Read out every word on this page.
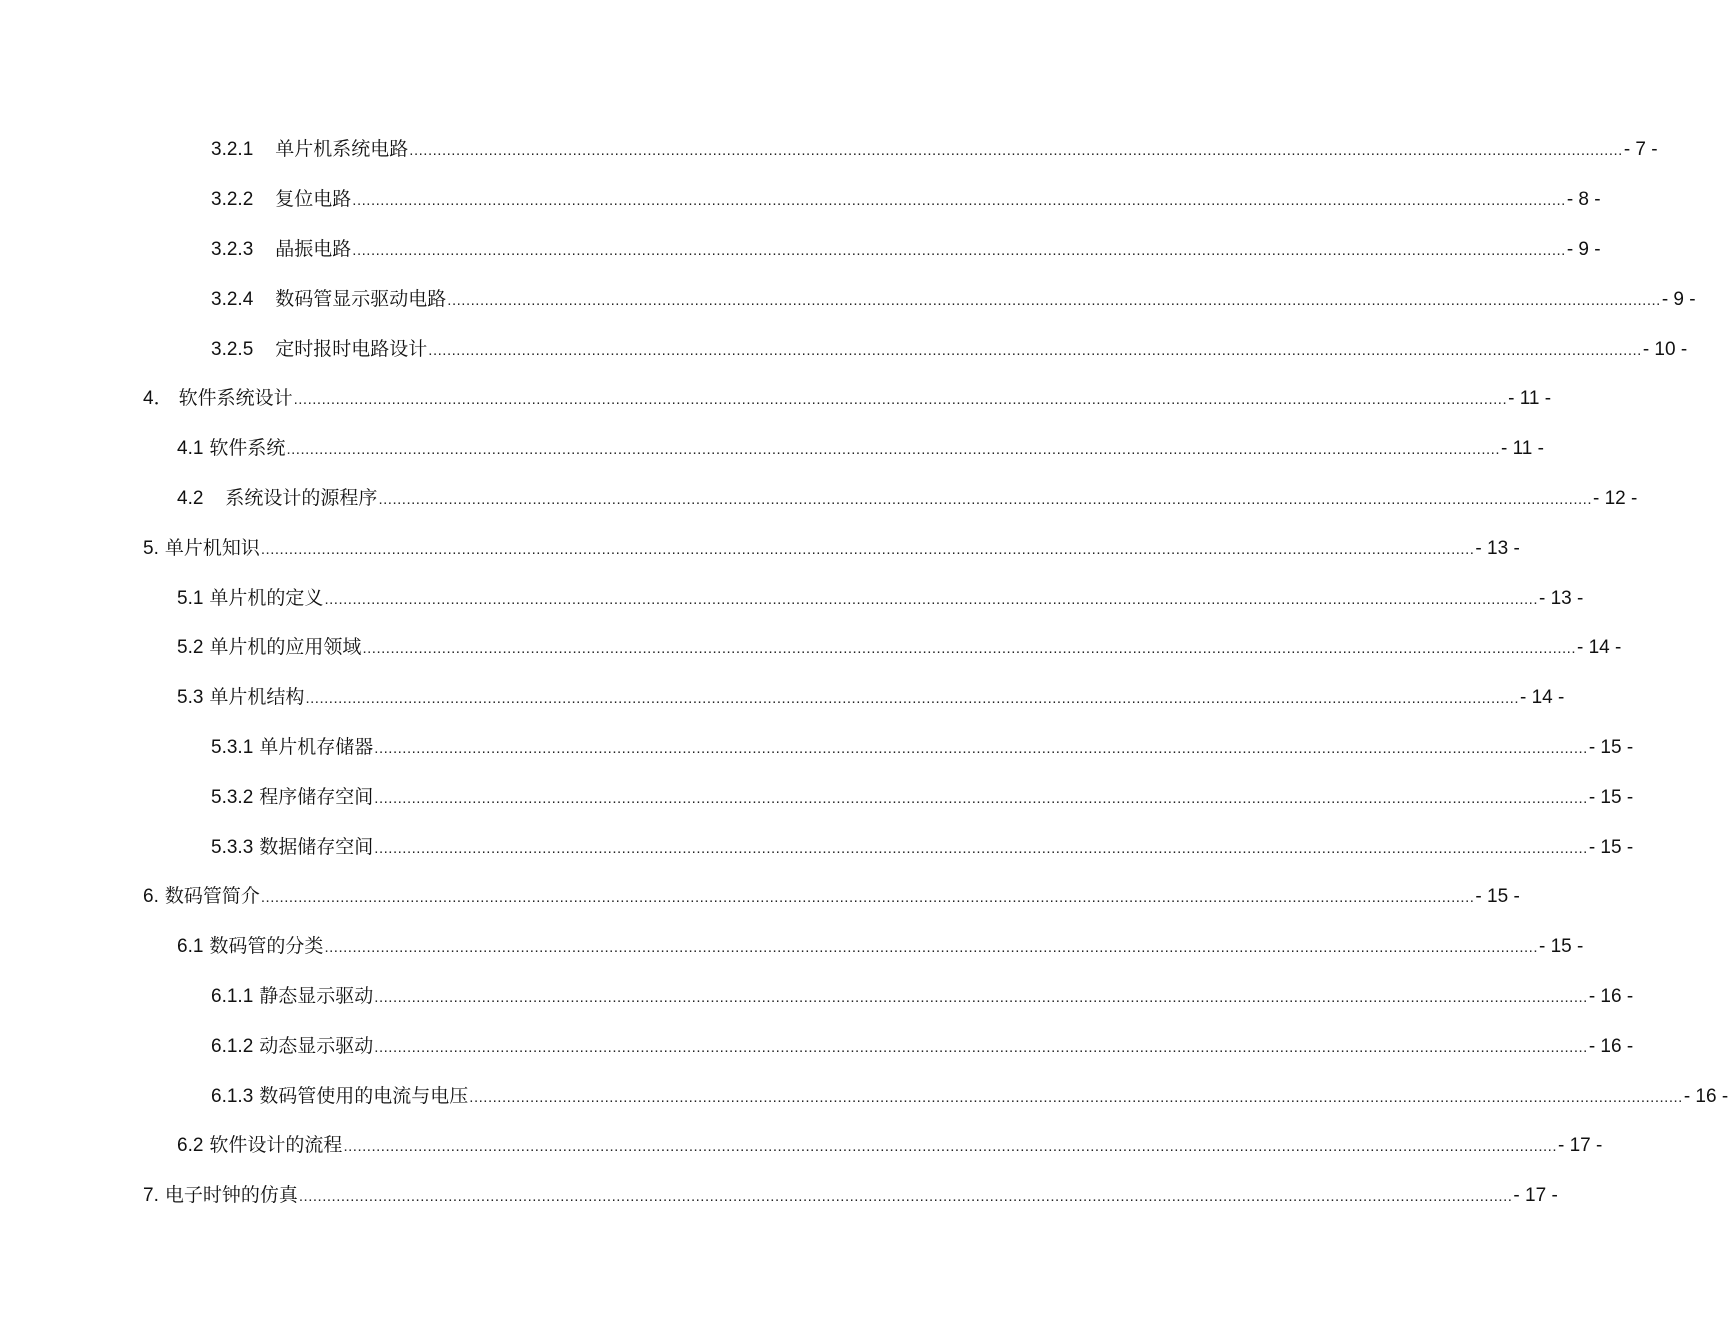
3.2.1 单片机系统电路 .................................................................................................................................................................................................................................................................... - 7 -
3.2.2 复位电路 .................................................................................................................................................................................................................................................................... - 8 -
3.2.3 晶振电路 .................................................................................................................................................................................................................................................................... - 9 -
3.2.4 数码管显示驱动电路 .................................................................................................................................................................................................................................................................... - 9 -
3.2.5 定时报时电路设计 .................................................................................................................................................................................................................................................................... - 10 -
4． 软件系统设计 .................................................................................................................................................................................................................................................................... - 11 -
4.1 软件系统 .................................................................................................................................................................................................................................................................... - 11 -
4.2 系统设计的源程序 .................................................................................................................................................................................................................................................................... - 12 -
5. 单片机知识 .................................................................................................................................................................................................................................................................... - 13 -
5.1 单片机的定义 .................................................................................................................................................................................................................................................................... - 13 -
5.2 单片机的应用领域 .................................................................................................................................................................................................................................................................... - 14 -
5.3 单片机结构 .................................................................................................................................................................................................................................................................... - 14 -
5.3.1 单片机存储器 .................................................................................................................................................................................................................................................................... - 15 -
5.3.2 程序储存空间 .................................................................................................................................................................................................................................................................... - 15 -
5.3.3 数据储存空间 .................................................................................................................................................................................................................................................................... - 15 -
6. 数码管简介 .................................................................................................................................................................................................................................................................... - 15 -
6.1 数码管的分类 .................................................................................................................................................................................................................................................................... - 15 -
6.1.1 静态显示驱动 .................................................................................................................................................................................................................................................................... - 16 -
6.1.2 动态显示驱动 .................................................................................................................................................................................................................................................................... - 16 -
6.1.3 数码管使用的电流与电压 .................................................................................................................................................................................................................................................................... - 16 -
6.2 软件设计的流程 .................................................................................................................................................................................................................................................................... - 17 -
7. 电子时钟的仿真 .................................................................................................................................................................................................................................................................... - 17 -
